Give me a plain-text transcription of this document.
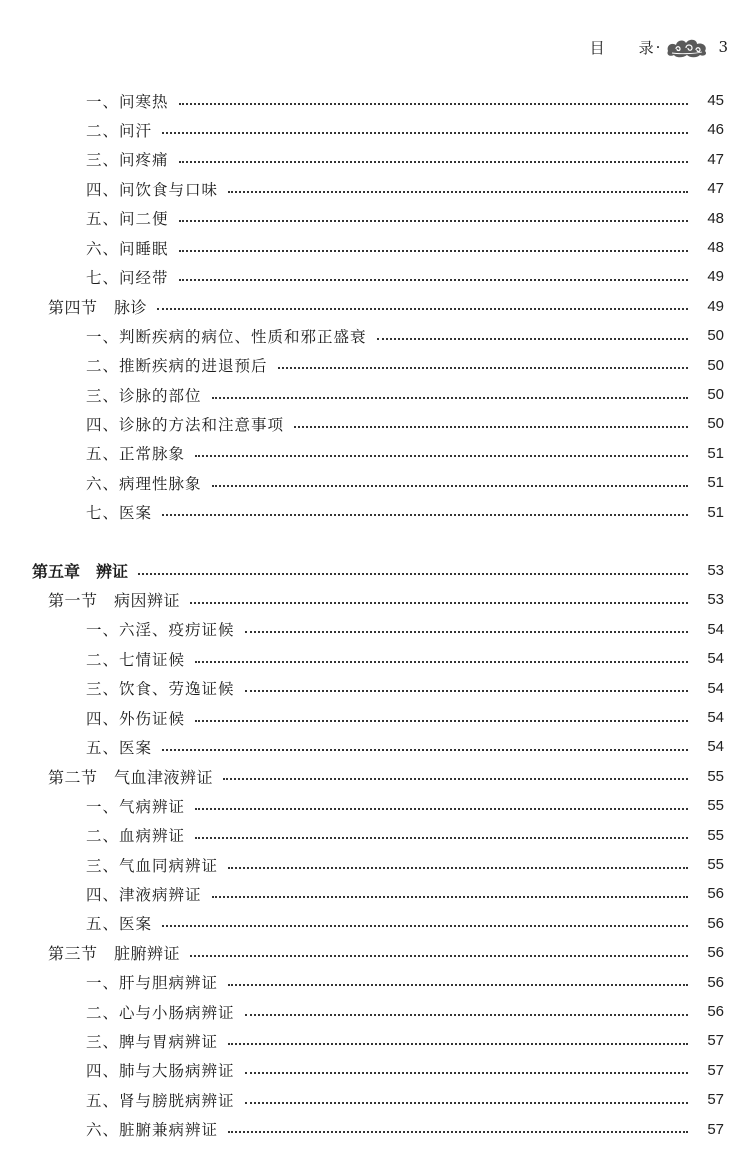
目 录 ·	3
一、问寒热	45
二、问汗	46
三、问疼痛	47
四、问饮食与口味	47
五、问二便	48
六、问睡眠	48
七、问经带	49
第四节　脉诊	49
一、判断疾病的病位、性质和邪正盛衰	50
二、推断疾病的进退预后	50
三、诊脉的部位	50
四、诊脉的方法和注意事项	50
五、正常脉象	51
六、病理性脉象	51
七、医案	51
第五章 辨证	53
第一节　病因辨证	53
一、六淫、疫疠证候	54
二、七情证候	54
三、饮食、劳逸证候	54
四、外伤证候	54
五、医案	54
第二节　气血津液辨证	55
一、气病辨证	55
二、血病辨证	55
三、气血同病辨证	55
四、津液病辨证	56
五、医案	56
第三节　脏腑辨证	56
一、肝与胆病辨证	56
二、心与小肠病辨证	56
三、脾与胃病辨证	57
四、肺与大肠病辨证	57
五、肾与膀胱病辨证	57
六、脏腑兼病辨证	57
